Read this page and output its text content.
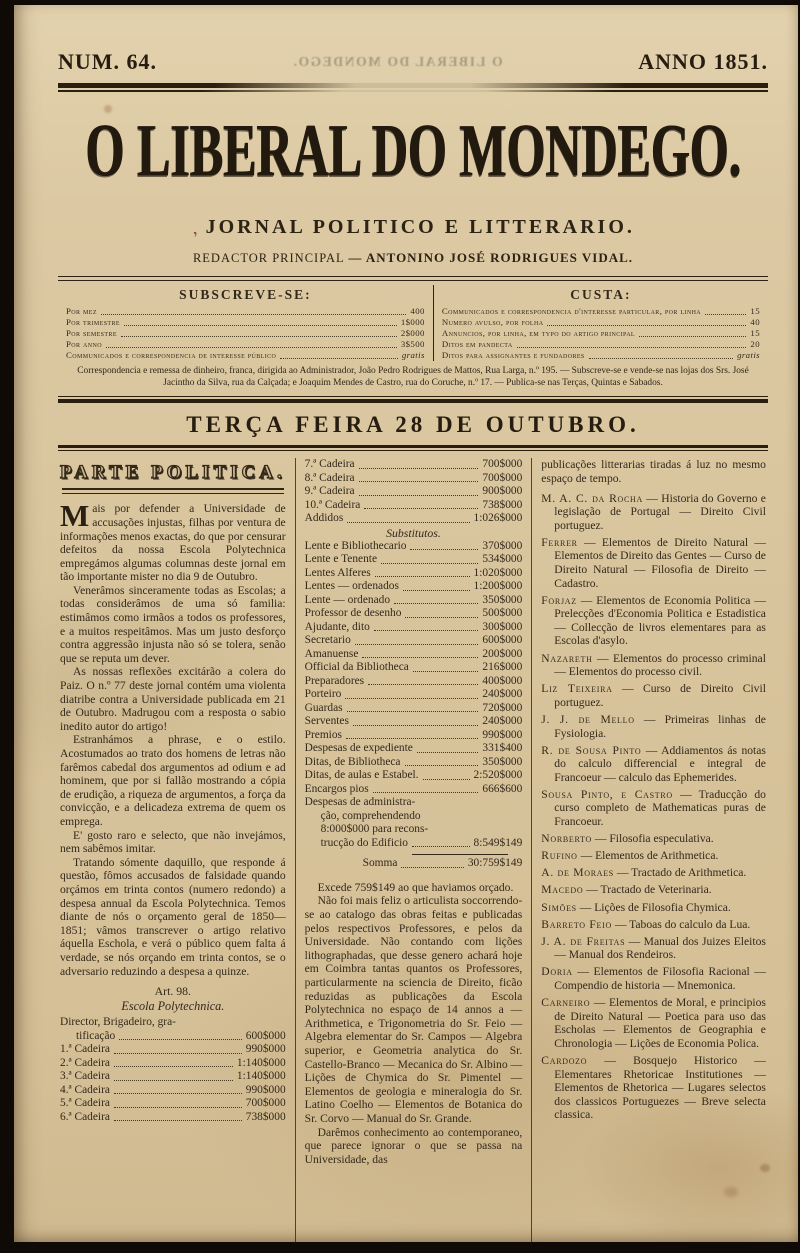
NUM. 64.	O LIBERAL DO MONDEGO.	ANNO 1851.
O LIBERAL DO MONDEGO.
, JORNAL POLITICO E LITTERARIO.
REDACTOR PRINCIPAL — ANTONINO JOSÉ RODRIGUES VIDAL.
SUBSCREVE-SE:
Por mez	400
Por trimestre	1$000
Por semestre	2$000
Por anno	3$500
Communicados e correspondencia de interesse público	gratis
CUSTA:
Communicados e correspondencia d'interesse particular, por linha	15
Numero avulso, por folha	40
Annuncios, por linha, em typo do artigo principal	15
Ditos em pandecta	20
Ditos para assignantes e fundadores	gratis
Correspondencia e remessa de dinheiro, franca, dirigida ao Administrador, João Pedro Rodrigues de Mattos, Rua Larga, n.º 195. — Subscreve-se e vende-se nas lojas dos Srs. José Jacintho da Silva, rua da Calçada; e Joaquim Mendes de Castro, rua do Coruche, n.º 17. — Publica-se nas Terças, Quintas e Sabados.
TERÇA FEIRA 28 DE OUTUBRO.
PARTE POLITICA.

Mais por defender a Universidade de accusações injustas, filhas por ventura de informações menos exactas, do que por censurar defeitos da nossa Escola Polytechnica empregámos algumas columnas deste jornal em tão importante mister no dia 9 de Outubro.

Venerâmos sinceramente todas as Escolas; a todas considerâmos de uma só familia: estimâmos como irmãos a todos os professores, e a muitos respeitâmos. Mas um justo desforço contra aggressão injusta não só se tolera, senão que se reputa um dever.

As nossas reflexões excitárão a colera do Paiz. O n.º 77 deste jornal contém uma violenta diatribe contra a Universidade publicada em 21 de Outubro. Madrugou com a resposta o sabio inedito autor do artigo!

Estranhámos a phrase, e o estilo. Acostumados ao trato dos homens de letras não farêmos cabedal dos argumentos ad odium e ad hominem, que por si fallão mostrando a cópia de erudição, a riqueza de argumentos, a força da convicção, e a delicadeza extrema de quem os emprega.

E' gosto raro e selecto, que não invejámos, nem sabêmos imitar.

Tratando sómente daquillo, que responde á questão, fômos accusados de falsidade quando orçámos em trinta contos (numero redondo) a despesa annual da Escola Polytechnica. Temos diante de nós o orçamento geral de 1850—1851; vâmos transcrever o artigo relativo áquella Eschola, e verá o público quem falta á verdade, se nós orçando em trinta contos, se o adversario reduzindo a despesa a quinze.

Art. 98.
Escola Polytechnica.
Director, Brigadeiro, gra-
tificação	600$000
1.ª Cadeira	990$000
2.ª Cadeira	1:140$000
3.ª Cadeira	1:140$000
4.ª Cadeira	990$000
5.ª Cadeira	700$000
6.ª Cadeira	738$000
7.ª Cadeira	700$000
8.ª Cadeira	700$000
9.ª Cadeira	900$000
10.ª Cadeira	738$000
Addidos	1:026$000
Substitutos.
Lente e Bibliothecario	370$000
Lente e Tenente	534$000
Lentes Alferes	1:020$000
Lentes — ordenados	1:200$000
Lente — ordenado	350$000
Professor de desenho	500$000
Ajudante, dito	300$000
Secretario	600$000
Amanuense	200$000
Official da Bibliotheca	216$000
Preparadores	400$000
Porteiro	240$000
Guardas	720$000
Serventes	240$000
Premios	990$000
Despesas de expediente	331$400
Ditas, de Bibliotheca	350$000
Ditas, de aulas e Estabel.	2:520$000
Encargos pios	666$600
Despesas de administra-
ção, comprehendendo
8:000$000 para recons-
trucção do Edificio	8:549$149
Somma	30:759$149

Excede 759$149 ao que haviamos orçado.

Não foi mais feliz o articulista soccorrendo-se ao catalogo das obras feitas e publicadas pelos respectivos Professores, e pelos da Universidade. Não contando com lições lithographadas, que desse genero achará hoje em Coimbra tantas quantos os Professores, particularmente na sciencia de Direito, ficão reduzidas as publicações da Escola Polytechnica no espaço de 14 annos a — Arithmetica, e Trigonometria do Sr. Feio — Algebra elementar do Sr. Campos — Algebra superior, e Geometria analytica do Sr. Castello-Branco — Mecanica do Sr. Albino — Lições de Chymica do Sr. Pimentel — Elementos de geologia e mineralogia do Sr. Latino Coelho — Elementos de Botanica do Sr. Corvo — Manual do Sr. Grande.

Darêmos conhecimento ao contemporaneo, que parece ignorar o que se passa na Universidade, das

publicações litterarias tiradas á luz no mesmo espaço de tempo.

M. A. C. da Rocha — Historia do Governo e legislação de Portugal — Direito Civil portuguez.

Ferrer — Elementos de Direito Natural — Elementos de Direito das Gentes — Curso de Direito Natural — Filosofia de Direito — Cadastro.

Forjaz — Elementos de Economia Politica — Prelecções d'Economia Politica e Estadistica — Collecção de livros elementares para as Escolas d'asylo.

Nazareth — Elementos do processo criminal — Elementos do processo civil.

Liz Teixeira — Curso de Direito Civil portuguez.

J. J. de Mello — Primeiras linhas de Fysiologia.

R. de Sousa Pinto — Addiamentos ás notas do calculo differencial e integral de Francoeur — calculo das Ephemerides.

Sousa Pinto, e Castro — Traducção do curso completo de Mathematicas puras de Francoeur.

Norberto — Filosofia especulativa.

Rufino — Elementos de Arithmetica.

A. de Moraes — Tractado de Arithmetica.

Macedo — Tractado de Veterinaria.

Simões — Lições de Filosofia Chymica.

Barreto Feio — Taboas do calculo da Lua.

J. A. de Freitas — Manual dos Juizes Eleitos — Manual dos Rendeiros.

Doria — Elementos de Filosofia Racional — Compendio de historia — Mnemonica.

Carneiro — Elementos de Moral, e principios de Direito Natural — Poetica para uso das Escholas — Elementos de Geographia e Chronologia — Lições de Economia Polica.

Cardozo — Bosquejo Historico — Elementares Rhetoricae Institutiones — Elementos de Rhetorica — Lugares selectos dos classicos Portuguezes — Breve selecta classica.
